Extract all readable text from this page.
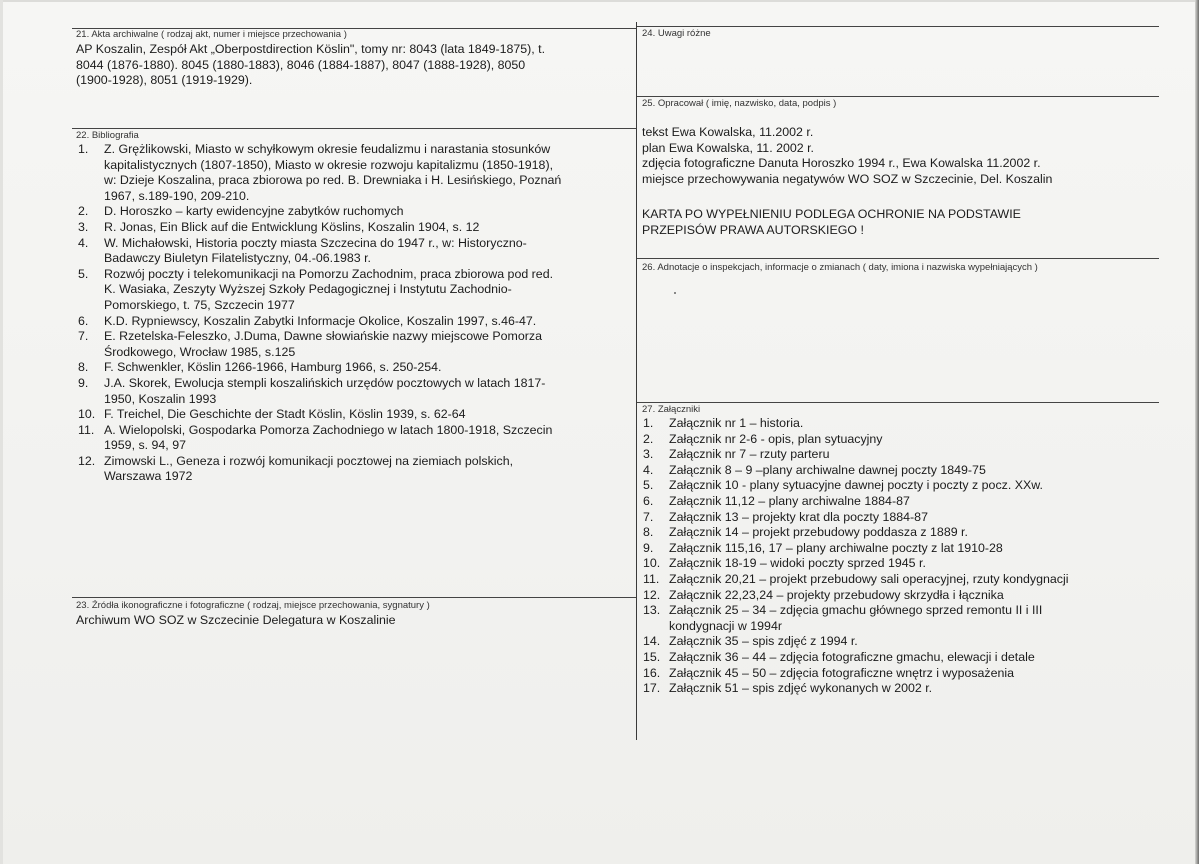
21. Akta archiwalne ( rodzaj akt, numer i miejsce przechowania )
AP Koszalin, Zespół Akt „Oberpostdirection Köslin", tomy nr: 8043 (lata 1849-1875), t.
8044 (1876-1880). 8045 (1880-1883), 8046 (1884-1887), 8047 (1888-1928), 8050
(1900-1928), 8051 (1919-1929).
22. Bibliografia
1. Z. Grężlikowski, Miasto w schyłkowym okresie feudalizmu i narastania stosunków
kapitalistycznych (1807-1850), Miasto w okresie rozwoju kapitalizmu (1850-1918),
w: Dzieje Koszalina, praca zbiorowa po red. B. Drewniaka i H. Lesińskiego, Poznań
1967, s.189-190, 209-210.
2. D. Horoszko – karty ewidencyjne zabytków ruchomych
3. R. Jonas, Ein Blick auf die Entwicklung Köslins, Koszalin 1904, s. 12
4. W. Michałowski, Historia poczty miasta Szczecina do 1947 r., w: Historyczno-
Badawczy Biuletyn Filatelistyczny, 04.-06.1983 r.
5. Rozwój poczty i telekomunikacji na Pomorzu Zachodnim, praca zbiorowa pod red.
K. Wasiaka, Zeszyty Wyższej Szkoły Pedagogicznej i Instytutu Zachodnio-
Pomorskiego, t. 75, Szczecin 1977
6. K.D. Rypniewscy, Koszalin Zabytki Informacje Okolice, Koszalin 1997, s.46-47.
7. E. Rzetelska-Feleszko, J.Duma, Dawne słowiańskie nazwy miejscowe Pomorza
Środkowego, Wrocław 1985, s.125
8. F. Schwenkler, Köslin 1266-1966, Hamburg 1966, s. 250-254.
9. J.A. Skorek, Ewolucja stempli koszalińskich urzędów pocztowych w latach 1817-
1950, Koszalin 1993
10. F. Treichel, Die Geschichte der Stadt Köslin, Köslin 1939, s. 62-64
11. A. Wielopolski, Gospodarka Pomorza Zachodniego w latach 1800-1918, Szczecin
1959, s. 94, 97
12. Zimowski L., Geneza i rozwój komunikacji pocztowej na ziemiach polskich,
Warszawa 1972
23. Źródła ikonograficzne i fotograficzne ( rodzaj, miejsce przechowania, sygnatury )
Archiwum WO SOZ w Szczecinie Delegatura w Koszalinie
24. Uwagi różne
25. Opracował ( imię, nazwisko, data, podpis )
tekst Ewa Kowalska, 11.2002 r.
plan Ewa Kowalska, 11. 2002 r.
zdjęcia fotograficzne Danuta Horoszko 1994 r., Ewa Kowalska 11.2002 r.
miejsce przechowywania negatywów WO SOZ w Szczecinie, Del. Koszalin
KARTA PO WYPEŁNIENIU PODLEGA OCHRONIE NA PODSTAWIE
PRZEPISÓW PRAWA AUTORSKIEGO !
26. Adnotacje o inspekcjach, informacje o zmianach ( daty, imiona i nazwiska wypełniających )
27. Załączniki
1. Załącznik nr 1 – historia.
2. Załącznik nr 2-6 - opis, plan sytuacyjny
3. Załącznik nr 7 – rzuty parteru
4. Załącznik 8 – 9 –plany archiwalne dawnej poczty 1849-75
5. Załącznik 10 - plany sytuacyjne dawnej poczty i poczty z pocz. XXw.
6. Załącznik 11,12 – plany archiwalne 1884-87
7. Załącznik 13 – projekty krat dla poczty 1884-87
8. Załącznik 14 – projekt przebudowy poddasza z 1889 r.
9. Załącznik 115,16, 17 – plany archiwalne poczty z lat 1910-28
10. Załącznik 18-19 – widoki poczty sprzed 1945 r.
11. Załącznik 20,21 – projekt przebudowy sali operacyjnej, rzuty kondygnacji
12. Załącznik 22,23,24 – projekty przebudowy skrzydła i łącznika
13. Załącznik 25 – 34 – zdjęcia gmachu głównego sprzed remontu II i III
kondygnacji w 1994r
14. Załącznik 35 – spis zdjęć z 1994 r.
15. Załącznik 36 – 44 – zdjęcia fotograficzne gmachu, elewacji i detale
16. Załącznik 45 – 50 – zdjęcia fotograficzne wnętrz i wyposażenia
17. Załącznik 51 – spis zdjęć wykonanych w 2002 r.
